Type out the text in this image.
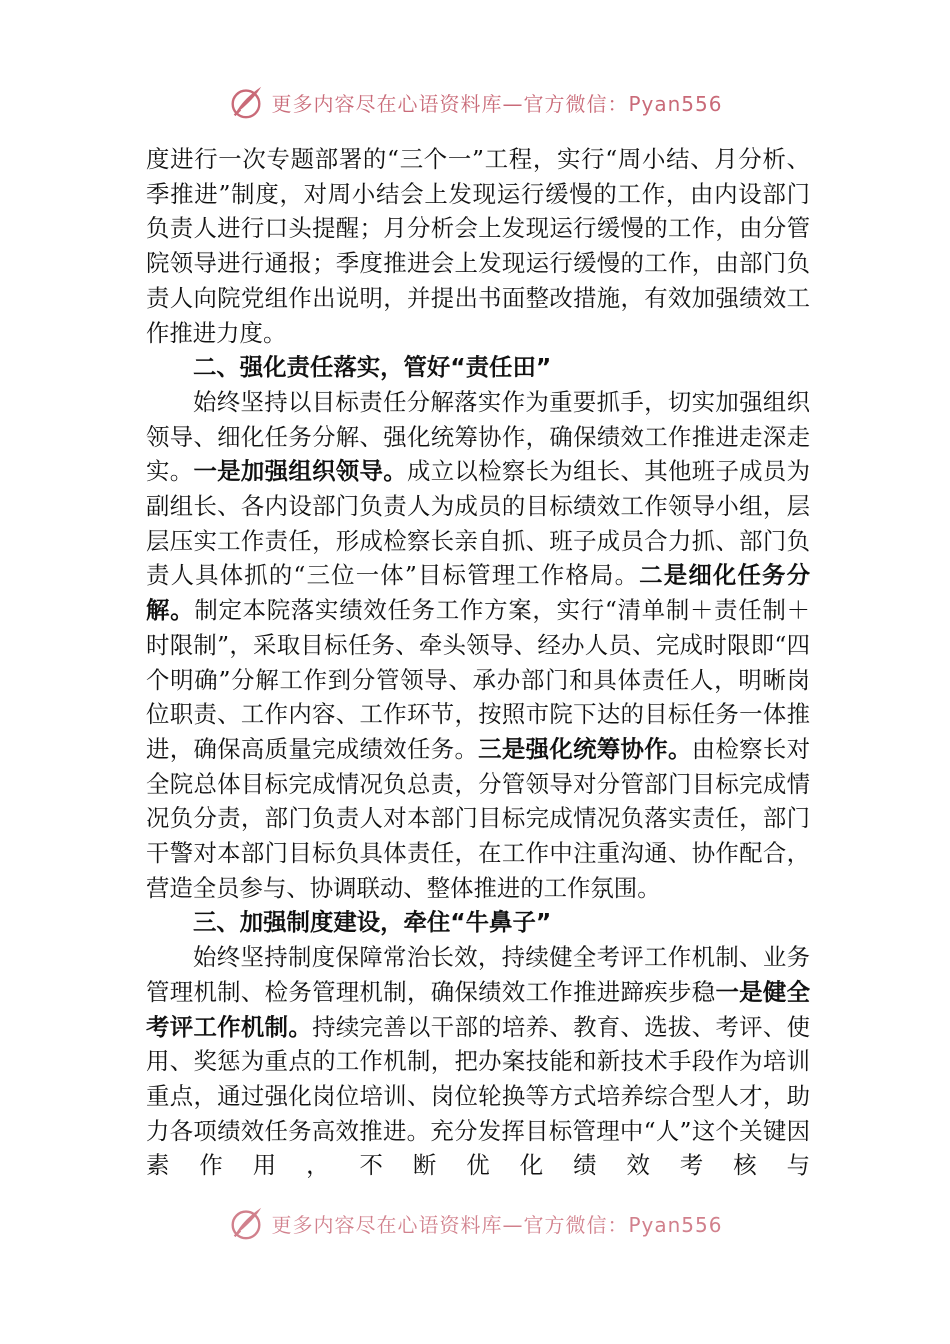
更多内容尽在心语资料库—官方微信：Pyan556

度进行一次专题部署的“三个一”工程，实行“周小结、月分析、季推进”制度，对周小结会上发现运行缓慢的工作，由内设部门负责人进行口头提醒；月分析会上发现运行缓慢的工作，由分管院领导进行通报；季度推进会上发现运行缓慢的工作，由部门负责人向院党组作出说明，并提出书面整改措施，有效加强绩效工作推进力度。

二、强化责任落实，管好“责任田”

始终坚持以目标责任分解落实作为重要抓手，切实加强组织领导、细化任务分解、强化统筹协作，确保绩效工作推进走深走实。一是加强组织领导。成立以检察长为组长、其他班子成员为副组长、各内设部门负责人为成员的目标绩效工作领导小组，层层压实工作责任，形成检察长亲自抓、班子成员合力抓、部门负责人具体抓的“三位一体”目标管理工作格局。二是细化任务分解。制定本院落实绩效任务工作方案，实行“清单制＋责任制＋时限制”，采取目标任务、牵头领导、经办人员、完成时限即“四个明确”分解工作到分管领导、承办部门和具体责任人，明晰岗位职责、工作内容、工作环节，按照市院下达的目标任务一体推进，确保高质量完成绩效任务。三是强化统筹协作。由检察长对全院总体目标完成情况负总责，分管领导对分管部门目标完成情况负分责，部门负责人对本部门目标完成情况负落实责任，部门干警对本部门目标负具体责任，在工作中注重沟通、协作配合，营造全员参与、协调联动、整体推进的工作氛围。

三、加强制度建设，牵住“牛鼻子”

始终坚持制度保障常治长效，持续健全考评工作机制、业务管理机制、检务管理机制，确保绩效工作推进蹄疾步稳一是健全考评工作机制。持续完善以干部的培养、教育、选拔、考评、使用、奖惩为重点的工作机制，把办案技能和新技术手段作为培训重点，通过强化岗位培训、岗位轮换等方式培养综合型人才，助力各项绩效任务高效推进。充分发挥目标管理中“人”这个关键因素作用，不断优化绩效考核与

更多内容尽在心语资料库—官方微信：Pyan556
